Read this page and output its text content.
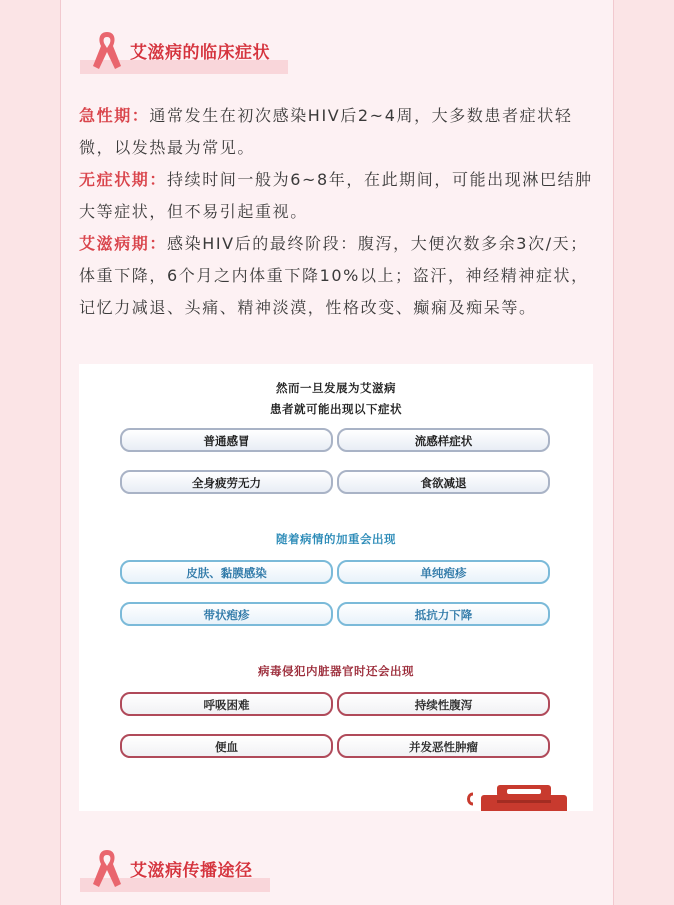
艾滋病的临床症状

急性期：通常发生在初次感染HIV后2~4周，大多数患者症状轻微，以发热最为常见。

无症状期：持续时间一般为6~8年，在此期间，可能出现淋巴结肿大等症状，但不易引起重视。

艾滋病期：感染HIV后的最终阶段：腹泻，大便次数多余3次/天；体重下降，6个月之内体重下降10%以上；盗汗，神经精神症状，记忆力减退、头痛、精神淡漠，性格改变、癫痫及痴呆等。

然而一旦发展为艾滋病
患者就可能出现以下症状
普通感冒	流感样症状
全身疲劳无力	食欲减退
随着病情的加重会出现
皮肤、黏膜感染	单纯疱疹
带状疱疹	抵抗力下降
病毒侵犯内脏器官时还会出现
呼吸困难	持续性腹泻
便血	并发恶性肿瘤
艾滋病传播途径
